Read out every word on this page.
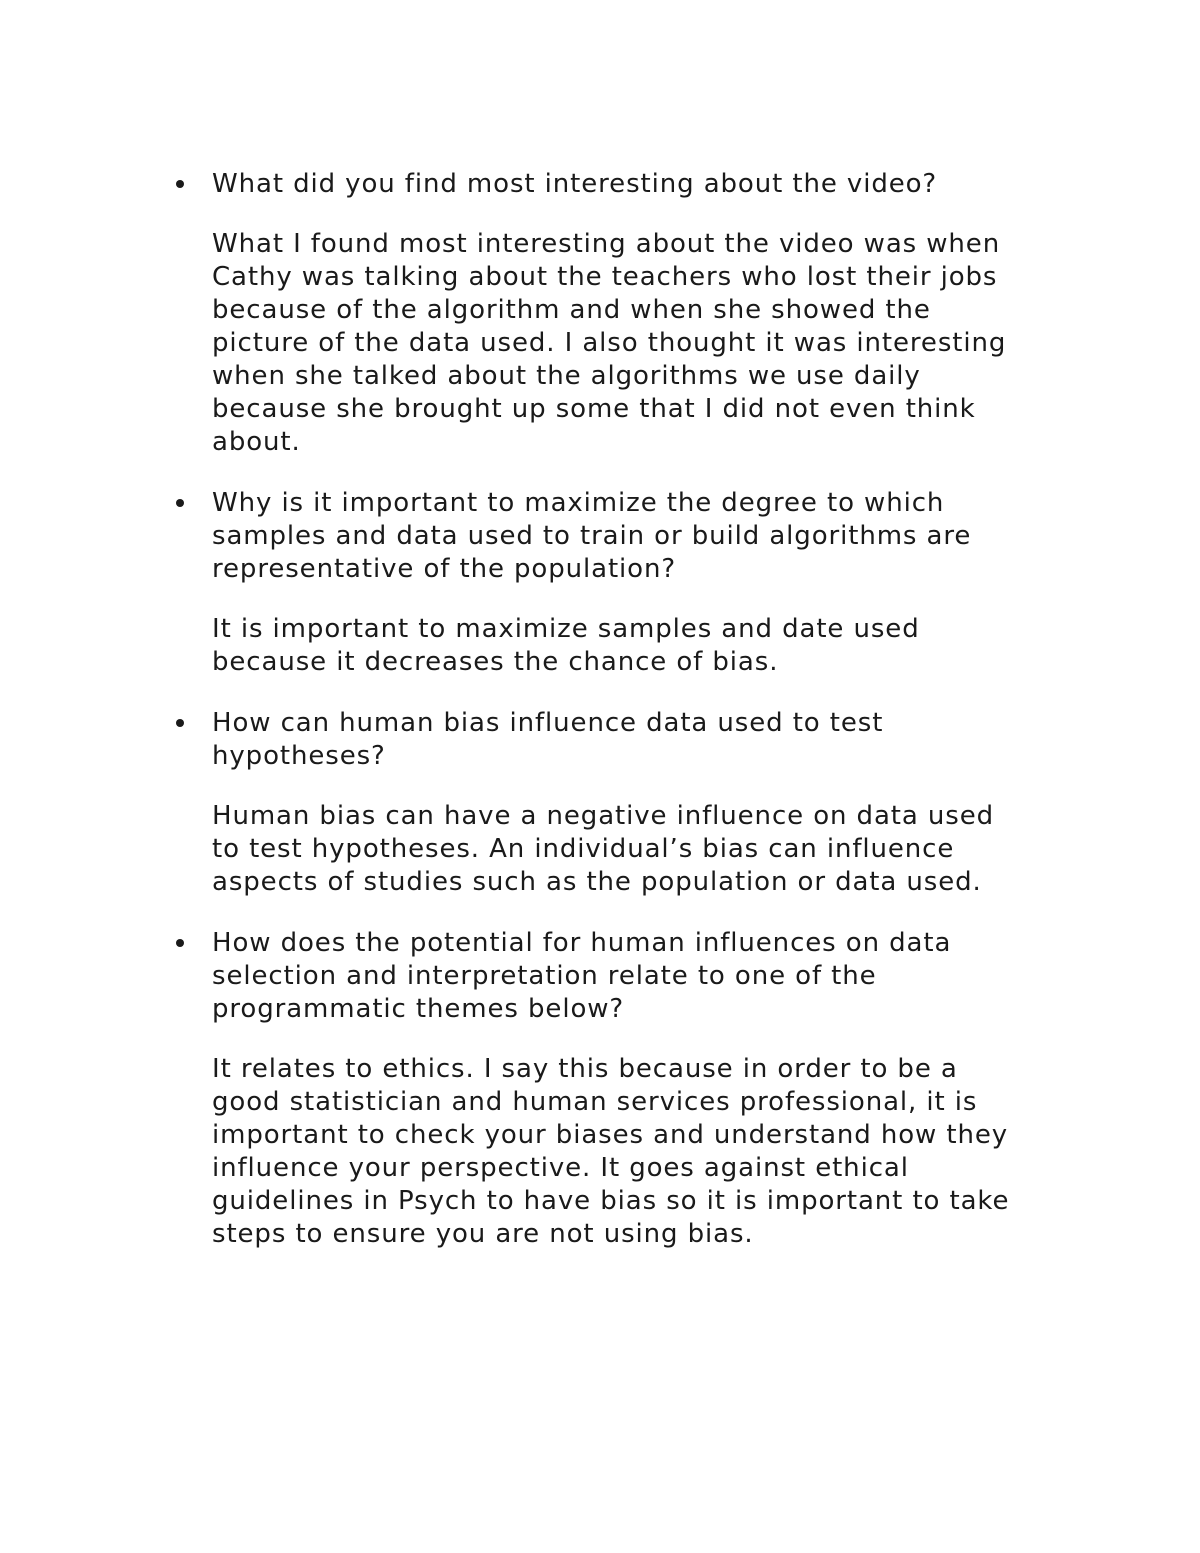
What did you find most interesting about the video?

What I found most interesting about the video was when
Cathy was talking about the teachers who lost their jobs
because of the algorithm and when she showed the
picture of the data used. I also thought it was interesting
when she talked about the algorithms we use daily
because she brought up some that I did not even think
about.

Why is it important to maximize the degree to which
samples and data used to train or build algorithms are
representative of the population?

It is important to maximize samples and date used
because it decreases the chance of bias.

How can human bias influence data used to test
hypotheses?

Human bias can have a negative influence on data used
to test hypotheses. An individual’s bias can influence
aspects of studies such as the population or data used.

How does the potential for human influences on data
selection and interpretation relate to one of the
programmatic themes below?

It relates to ethics. I say this because in order to be a
good statistician and human services professional, it is
important to check your biases and understand how they
influence your perspective. It goes against ethical
guidelines in Psych to have bias so it is important to take
steps to ensure you are not using bias.
